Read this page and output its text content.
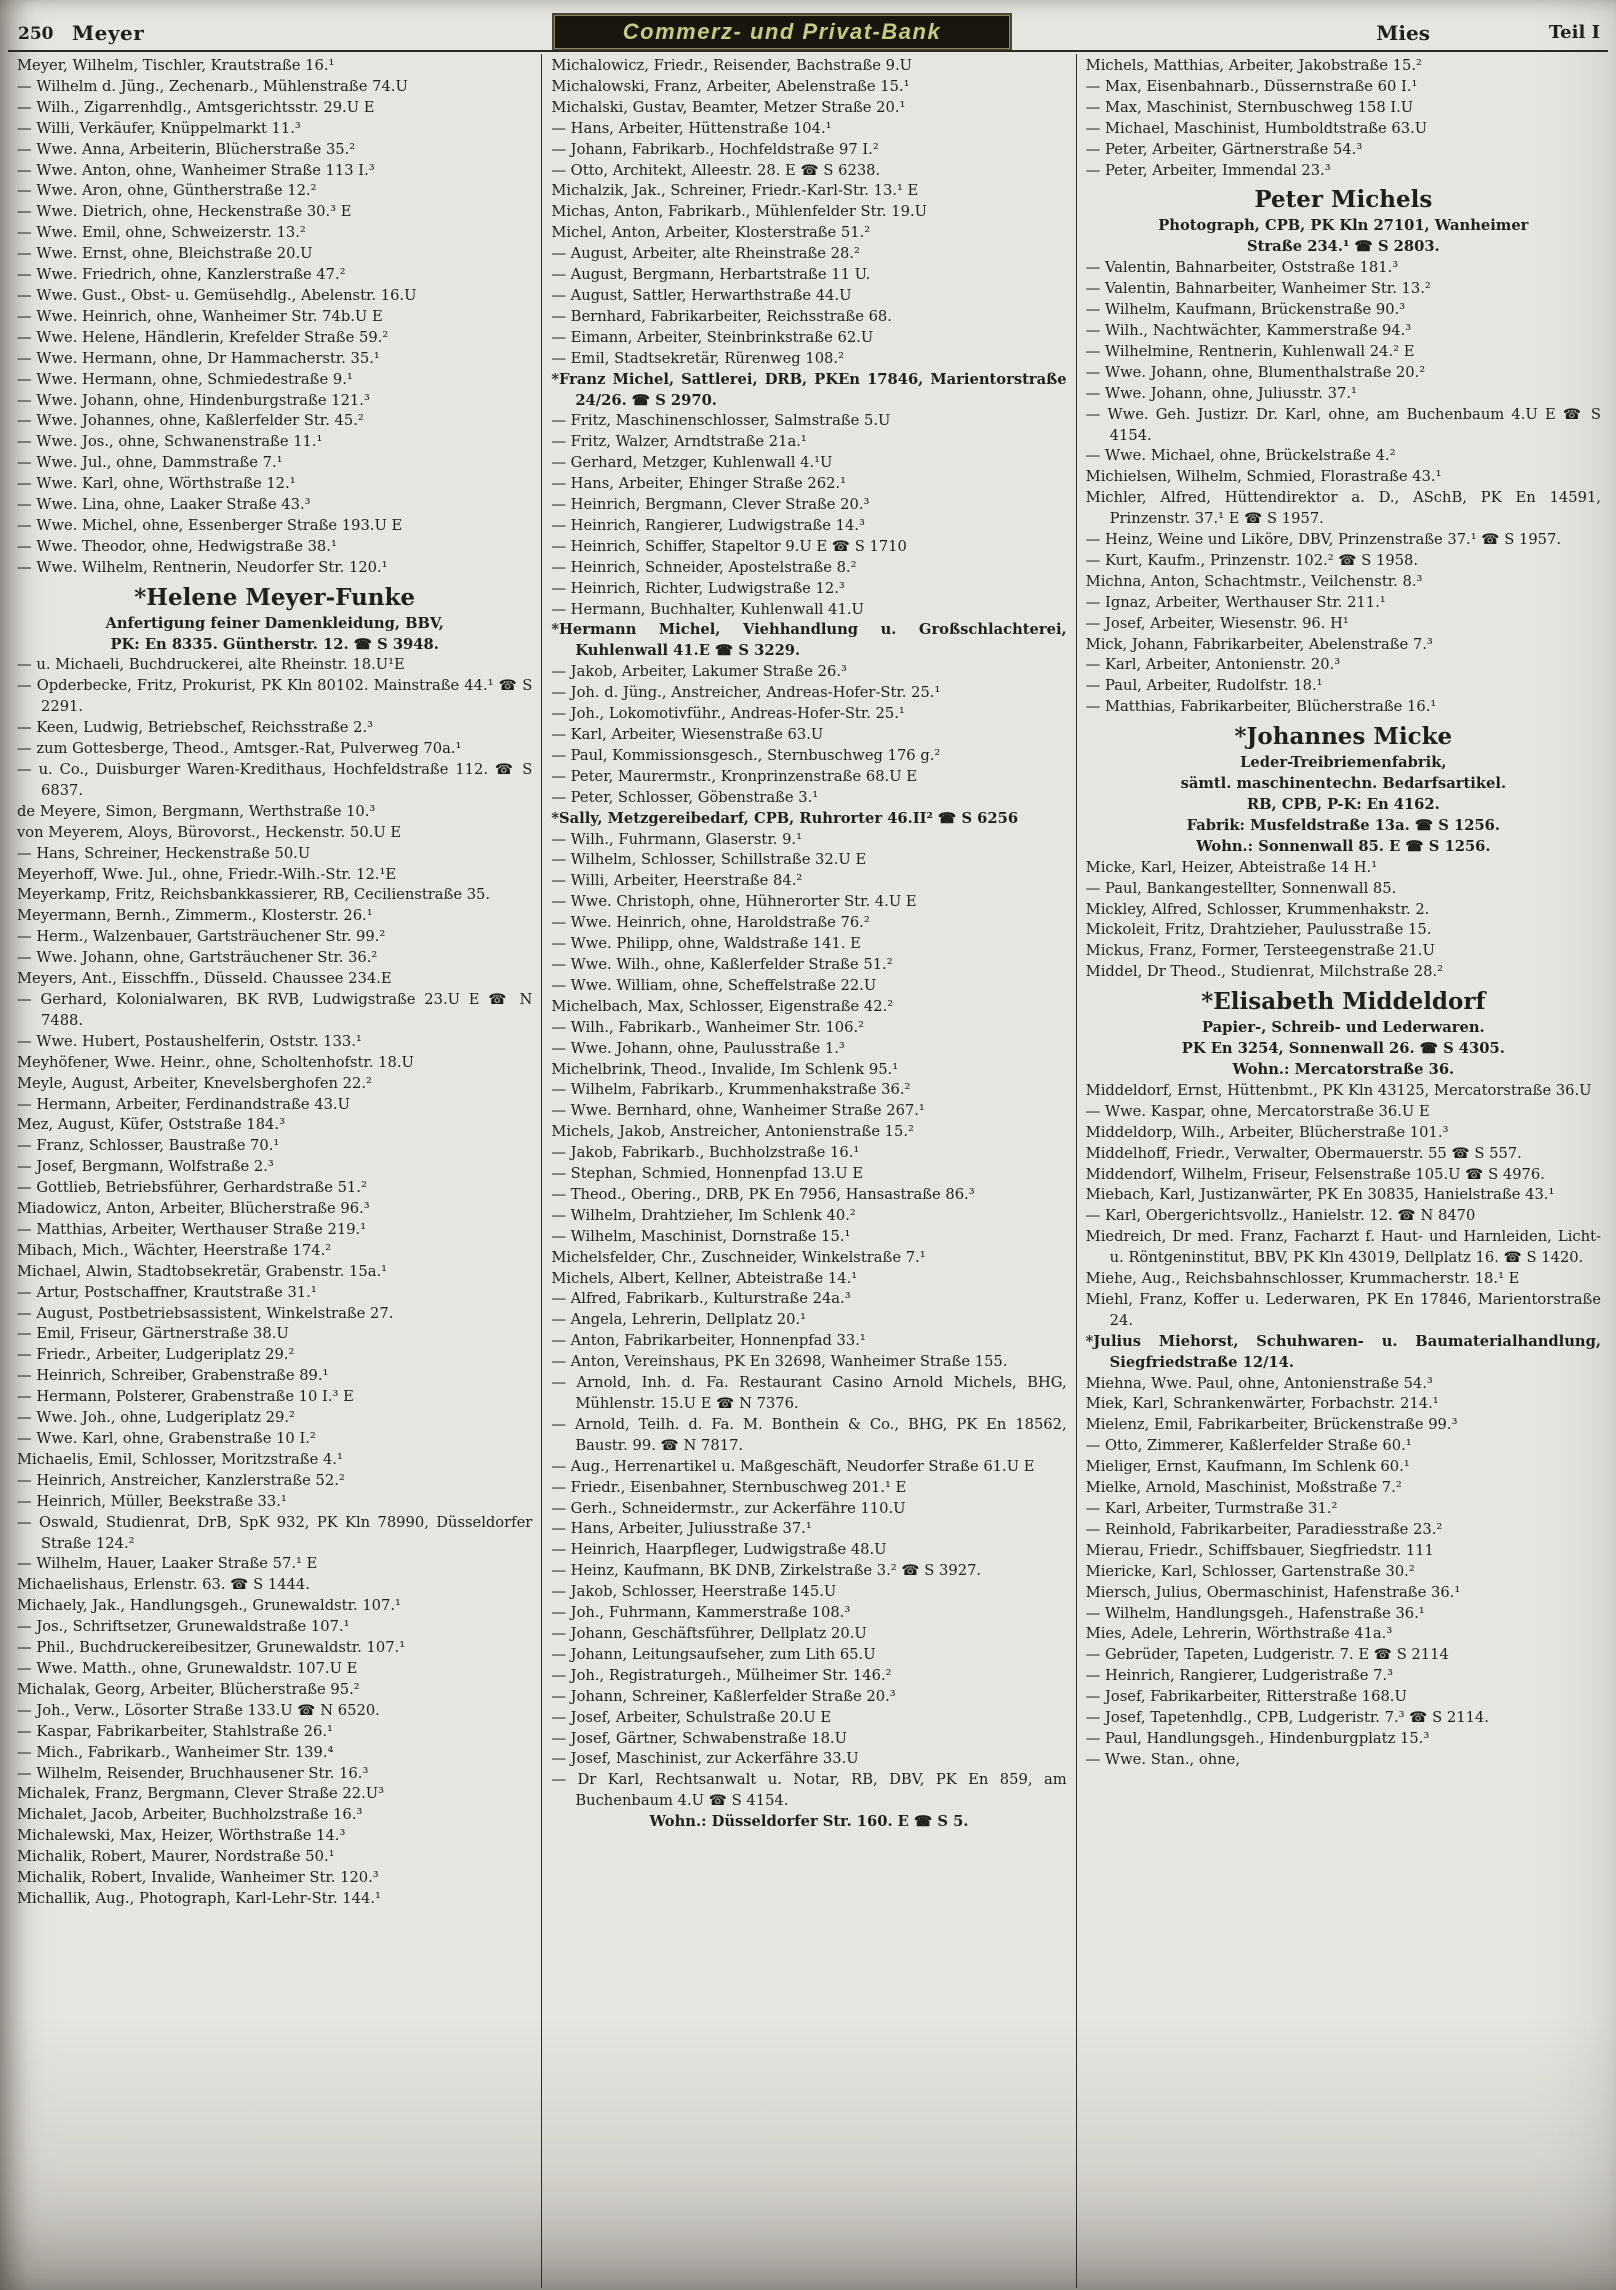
250 Meyer	Commerz- und Privat-Bank	Mies	Teil I

Meyer, Wilhelm, Tischler, Krautstraße 16.¹

— Wilhelm d. Jüng., Zechenarb., Mühlenstraße 74.U

— Wilh., Zigarrenhdlg., Amtsgerichtsstr. 29.U E

— Willi, Verkäufer, Knüppelmarkt 11.³

— Wwe. Anna, Arbeiterin, Blücherstraße 35.²

— Wwe. Anton, ohne, Wanheimer Straße 113 I.³

— Wwe. Aron, ohne, Güntherstraße 12.²

— Wwe. Dietrich, ohne, Heckenstraße 30.³ E

— Wwe. Emil, ohne, Schweizerstr. 13.²

— Wwe. Ernst, ohne, Bleichstraße 20.U

— Wwe. Friedrich, ohne, Kanzlerstraße 47.²

— Wwe. Gust., Obst- u. Gemüsehdlg., Abelenstr. 16.U

— Wwe. Heinrich, ohne, Wanheimer Str. 74b.U E

— Wwe. Helene, Händlerin, Krefelder Straße 59.²

— Wwe. Hermann, ohne, Dr Hammacherstr. 35.¹

— Wwe. Hermann, ohne, Schmiedestraße 9.¹

— Wwe. Johann, ohne, Hindenburgstraße 121.³

— Wwe. Johannes, ohne, Kaßlerfelder Str. 45.²

— Wwe. Jos., ohne, Schwanenstraße 11.¹

— Wwe. Jul., ohne, Dammstraße 7.¹

— Wwe. Karl, ohne, Wörthstraße 12.¹

— Wwe. Lina, ohne, Laaker Straße 43.³

— Wwe. Michel, ohne, Essenberger Straße 193.U E

— Wwe. Theodor, ohne, Hedwigstraße 38.¹

— Wwe. Wilhelm, Rentnerin, Neudorfer Str. 120.¹

*Helene Meyer-Funke

Anfertigung feiner Damenkleidung, BBV,

PK: En 8335. Güntherstr. 12. ☎ S 3948.

— u. Michaeli, Buchdruckerei, alte Rheinstr. 18.U¹E

— Opderbecke, Fritz, Prokurist, PK Kln 80102. Mainstraße 44.¹ ☎ S 2291.

— Keen, Ludwig, Betriebschef, Reichsstraße 2.³

— zum Gottesberge, Theod., Amtsger.-Rat, Pulverweg 70a.¹

— u. Co., Duisburger Waren-Kredithaus, Hochfeldstraße 112. ☎ S 6837.

de Meyere, Simon, Bergmann, Werthstraße 10.³

von Meyerem, Aloys, Bürovorst., Heckenstr. 50.U E

— Hans, Schreiner, Heckenstraße 50.U

Meyerhoff, Wwe. Jul., ohne, Friedr.-Wilh.-Str. 12.¹E

Meyerkamp, Fritz, Reichsbankkassierer, RB, Cecilienstraße 35.

Meyermann, Bernh., Zimmerm., Klosterstr. 26.¹

— Herm., Walzenbauer, Gartsträuchener Str. 99.²

— Wwe. Johann, ohne, Gartsträuchener Str. 36.²

Meyers, Ant., Eisschffn., Düsseld. Chaussee 234.E

— Gerhard, Kolonialwaren, BK RVB, Ludwigstraße 23.U E ☎ N 7488.

— Wwe. Hubert, Postaushelferin, Oststr. 133.¹

Meyhöfener, Wwe. Heinr., ohne, Scholtenhofstr. 18.U

Meyle, August, Arbeiter, Knevelsberghofen 22.²

— Hermann, Arbeiter, Ferdinandstraße 43.U

Mez, August, Küfer, Oststraße 184.³

— Franz, Schlosser, Baustraße 70.¹

— Josef, Bergmann, Wolfstraße 2.³

— Gottlieb, Betriebsführer, Gerhardstraße 51.²

Miadowicz, Anton, Arbeiter, Blücherstraße 96.³

— Matthias, Arbeiter, Werthauser Straße 219.¹

Mibach, Mich., Wächter, Heerstraße 174.²

Michael, Alwin, Stadtobsekretär, Grabenstr. 15a.¹

— Artur, Postschaffner, Krautstraße 31.¹

— August, Postbetriebsassistent, Winkelstraße 27.

— Emil, Friseur, Gärtnerstraße 38.U

— Friedr., Arbeiter, Ludgeriplatz 29.²

— Heinrich, Schreiber, Grabenstraße 89.¹

— Hermann, Polsterer, Grabenstraße 10 I.³ E

— Wwe. Joh., ohne, Ludgeriplatz 29.²

— Wwe. Karl, ohne, Grabenstraße 10 I.²

Michaelis, Emil, Schlosser, Moritzstraße 4.¹

— Heinrich, Anstreicher, Kanzlerstraße 52.²

— Heinrich, Müller, Beekstraße 33.¹

— Oswald, Studienrat, DrB, SpK 932, PK Kln 78990, Düsseldorfer Straße 124.²

— Wilhelm, Hauer, Laaker Straße 57.¹ E

Michaelishaus, Erlenstr. 63. ☎ S 1444.

Michaely, Jak., Handlungsgeh., Grunewaldstr. 107.¹

— Jos., Schriftsetzer, Grunewaldstraße 107.¹

— Phil., Buchdruckereibesitzer, Grunewaldstr. 107.¹

— Wwe. Matth., ohne, Grunewaldstr. 107.U E

Michalak, Georg, Arbeiter, Blücherstraße 95.²

— Joh., Verw., Lösorter Straße 133.U ☎ N 6520.

— Kaspar, Fabrikarbeiter, Stahlstraße 26.¹

— Mich., Fabrikarb., Wanheimer Str. 139.⁴

— Wilhelm, Reisender, Bruchhausener Str. 16.³

Michalek, Franz, Bergmann, Clever Straße 22.U³

Michalet, Jacob, Arbeiter, Buchholzstraße 16.³

Michalewski, Max, Heizer, Wörthstraße 14.³

Michalik, Robert, Maurer, Nordstraße 50.¹

Michalik, Robert, Invalide, Wanheimer Str. 120.³

Michallik, Aug., Photograph, Karl-Lehr-Str. 144.¹

Michalowicz, Friedr., Reisender, Bachstraße 9.U

Michalowski, Franz, Arbeiter, Abelenstraße 15.¹

Michalski, Gustav, Beamter, Metzer Straße 20.¹

— Hans, Arbeiter, Hüttenstraße 104.¹

— Johann, Fabrikarb., Hochfeldstraße 97 I.²

— Otto, Architekt, Alleestr. 28. E ☎ S 6238.

Michalzik, Jak., Schreiner, Friedr.-Karl-Str. 13.¹ E

Michas, Anton, Fabrikarb., Mühlenfelder Str. 19.U

Michel, Anton, Arbeiter, Klosterstraße 51.²

— August, Arbeiter, alte Rheinstraße 28.²

— August, Bergmann, Herbartstraße 11 U.

— August, Sattler, Herwarthstraße 44.U

— Bernhard, Fabrikarbeiter, Reichsstraße 68.

— Eimann, Arbeiter, Steinbrinkstraße 62.U

— Emil, Stadtsekretär, Rürenweg 108.²

*Franz Michel, Sattlerei, DRB, PKEn 17846, Marientorstraße 24/26. ☎ S 2970.

— Fritz, Maschinenschlosser, Salmstraße 5.U

— Fritz, Walzer, Arndtstraße 21a.¹

— Gerhard, Metzger, Kuhlenwall 4.¹U

— Hans, Arbeiter, Ehinger Straße 262.¹

— Heinrich, Bergmann, Clever Straße 20.³

— Heinrich, Rangierer, Ludwigstraße 14.³

— Heinrich, Schiffer, Stapeltor 9.U E ☎ S 1710

— Heinrich, Schneider, Apostelstraße 8.²

— Heinrich, Richter, Ludwigstraße 12.³

— Hermann, Buchhalter, Kuhlenwall 41.U

*Hermann Michel, Viehhandlung u. Großschlachterei, Kuhlenwall 41.E ☎ S 3229.

— Jakob, Arbeiter, Lakumer Straße 26.³

— Joh. d. Jüng., Anstreicher, Andreas-Hofer-Str. 25.¹

— Joh., Lokomotivführ., Andreas-Hofer-Str. 25.¹

— Karl, Arbeiter, Wiesenstraße 63.U

— Paul, Kommissionsgesch., Sternbuschweg 176 g.²

— Peter, Maurermstr., Kronprinzenstraße 68.U E

— Peter, Schlosser, Göbenstraße 3.¹

*Sally, Metzgereibedarf, CPB, Ruhrorter 46.II² ☎ S 6256

— Wilh., Fuhrmann, Glaserstr. 9.¹

— Wilhelm, Schlosser, Schillstraße 32.U E

— Willi, Arbeiter, Heerstraße 84.²

— Wwe. Christoph, ohne, Hühnerorter Str. 4.U E

— Wwe. Heinrich, ohne, Haroldstraße 76.²

— Wwe. Philipp, ohne, Waldstraße 141. E

— Wwe. Wilh., ohne, Kaßlerfelder Straße 51.²

— Wwe. William, ohne, Scheffelstraße 22.U

Michelbach, Max, Schlosser, Eigenstraße 42.²

— Wilh., Fabrikarb., Wanheimer Str. 106.²

— Wwe. Johann, ohne, Paulusstraße 1.³

Michelbrink, Theod., Invalide, Im Schlenk 95.¹

— Wilhelm, Fabrikarb., Krummenhakstraße 36.²

— Wwe. Bernhard, ohne, Wanheimer Straße 267.¹

Michels, Jakob, Anstreicher, Antonienstraße 15.²

— Jakob, Fabrikarb., Buchholzstraße 16.¹

— Stephan, Schmied, Honnenpfad 13.U E

— Theod., Obering., DRB, PK En 7956, Hansastraße 86.³

— Wilhelm, Drahtzieher, Im Schlenk 40.²

— Wilhelm, Maschinist, Dornstraße 15.¹

Michelsfelder, Chr., Zuschneider, Winkelstraße 7.¹

Michels, Albert, Kellner, Abteistraße 14.¹

— Alfred, Fabrikarb., Kulturstraße 24a.³

— Angela, Lehrerin, Dellplatz 20.¹

— Anton, Fabrikarbeiter, Honnenpfad 33.¹

— Anton, Vereinshaus, PK En 32698, Wanheimer Straße 155.

— Arnold, Inh. d. Fa. Restaurant Casino Arnold Michels, BHG, Mühlenstr. 15.U E ☎ N 7376.

— Arnold, Teilh. d. Fa. M. Bonthein & Co., BHG, PK En 18562, Baustr. 99. ☎ N 7817.

— Aug., Herrenartikel u. Maßgeschäft, Neudorfer Straße 61.U E

— Friedr., Eisenbahner, Sternbuschweg 201.¹ E

— Gerh., Schneidermstr., zur Ackerfähre 110.U

— Hans, Arbeiter, Juliusstraße 37.¹

— Heinrich, Haarpfleger, Ludwigstraße 48.U

— Heinz, Kaufmann, BK DNB, Zirkelstraße 3.² ☎ S 3927.

— Jakob, Schlosser, Heerstraße 145.U

— Joh., Fuhrmann, Kammerstraße 108.³

— Johann, Geschäftsführer, Dellplatz 20.U

— Johann, Leitungsaufseher, zum Lith 65.U

— Joh., Registraturgeh., Mülheimer Str. 146.²

— Johann, Schreiner, Kaßlerfelder Straße 20.³

— Josef, Arbeiter, Schulstraße 20.U E

— Josef, Gärtner, Schwabenstraße 18.U

— Josef, Maschinist, zur Ackerfähre 33.U

— Dr Karl, Rechtsanwalt u. Notar, RB, DBV, PK En 859, am Buchenbaum 4.U ☎ S 4154.

Wohn.: Düsseldorfer Str. 160. E ☎ S 5.

Michels, Matthias, Arbeiter, Jakobstraße 15.²

— Max, Eisenbahnarb., Düssernstraße 60 I.¹

— Max, Maschinist, Sternbuschweg 158 I.U

— Michael, Maschinist, Humboldtstraße 63.U

— Peter, Arbeiter, Gärtnerstraße 54.³

— Peter, Arbeiter, Immendal 23.³

Peter Michels

Photograph, CPB, PK Kln 27101, Wanheimer

Straße 234.¹ ☎ S 2803.

— Valentin, Bahnarbeiter, Oststraße 181.³

— Valentin, Bahnarbeiter, Wanheimer Str. 13.²

— Wilhelm, Kaufmann, Brückenstraße 90.³

— Wilh., Nachtwächter, Kammerstraße 94.³

— Wilhelmine, Rentnerin, Kuhlenwall 24.² E

— Wwe. Johann, ohne, Blumenthalstraße 20.²

— Wwe. Johann, ohne, Juliusstr. 37.¹

— Wwe. Geh. Justizr. Dr. Karl, ohne, am Buchenbaum 4.U E ☎ S 4154.

— Wwe. Michael, ohne, Brückelstraße 4.²

Michielsen, Wilhelm, Schmied, Florastraße 43.¹

Michler, Alfred, Hüttendirektor a. D., ASchB, PK En 14591, Prinzenstr. 37.¹ E ☎ S 1957.

— Heinz, Weine und Liköre, DBV, Prinzenstraße 37.¹ ☎ S 1957.

— Kurt, Kaufm., Prinzenstr. 102.² ☎ S 1958.

Michna, Anton, Schachtmstr., Veilchenstr. 8.³

— Ignaz, Arbeiter, Werthauser Str. 211.¹

— Josef, Arbeiter, Wiesenstr. 96. H¹

Mick, Johann, Fabrikarbeiter, Abelenstraße 7.³

— Karl, Arbeiter, Antonienstr. 20.³

— Paul, Arbeiter, Rudolfstr. 18.¹

— Matthias, Fabrikarbeiter, Blücherstraße 16.¹

*Johannes Micke

Leder-Treibriemenfabrik,

sämtl. maschinentechn. Bedarfsartikel.

RB, CPB, P-K: En 4162.

Fabrik: Musfeldstraße 13a. ☎ S 1256.

Wohn.: Sonnenwall 85. E ☎ S 1256.

Micke, Karl, Heizer, Abteistraße 14 H.¹

— Paul, Bankangestellter, Sonnenwall 85.

Mickley, Alfred, Schlosser, Krummenhakstr. 2.

Mickoleit, Fritz, Drahtzieher, Paulusstraße 15.

Mickus, Franz, Former, Tersteegenstraße 21.U

Middel, Dr Theod., Studienrat, Milchstraße 28.²

*Elisabeth Middeldorf

Papier-, Schreib- und Lederwaren.

PK En 3254, Sonnenwall 26. ☎ S 4305.

Wohn.: Mercatorstraße 36.

Middeldorf, Ernst, Hüttenbmt., PK Kln 43125, Mercatorstraße 36.U

— Wwe. Kaspar, ohne, Mercatorstraße 36.U E

Middeldorp, Wilh., Arbeiter, Blücherstraße 101.³

Middelhoff, Friedr., Verwalter, Obermauerstr. 55 ☎ S 557.

Middendorf, Wilhelm, Friseur, Felsenstraße 105.U ☎ S 4976.

Miebach, Karl, Justizanwärter, PK En 30835, Hanielstraße 43.¹

— Karl, Obergerichtsvollz., Hanielstr. 12. ☎ N 8470

Miedreich, Dr med. Franz, Facharzt f. Haut- und Harnleiden, Licht- u. Röntgeninstitut, BBV, PK Kln 43019, Dellplatz 16. ☎ S 1420.

Miehe, Aug., Reichsbahnschlosser, Krummacherstr. 18.¹ E

Miehl, Franz, Koffer u. Lederwaren, PK En 17846, Marientorstraße 24.

*Julius Miehorst, Schuhwaren- u. Baumaterialhandlung, Siegfriedstraße 12/14.

Miehna, Wwe. Paul, ohne, Antonienstraße 54.³

Miek, Karl, Schrankenwärter, Forbachstr. 214.¹

Mielenz, Emil, Fabrikarbeiter, Brückenstraße 99.³

— Otto, Zimmerer, Kaßlerfelder Straße 60.¹

Mieliger, Ernst, Kaufmann, Im Schlenk 60.¹

Mielke, Arnold, Maschinist, Moßstraße 7.²

— Karl, Arbeiter, Turmstraße 31.²

— Reinhold, Fabrikarbeiter, Paradiesstraße 23.²

Mierau, Friedr., Schiffsbauer, Siegfriedstr. 111

Miericke, Karl, Schlosser, Gartenstraße 30.²

Miersch, Julius, Obermaschinist, Hafenstraße 36.¹

— Wilhelm, Handlungsgeh., Hafenstraße 36.¹

Mies, Adele, Lehrerin, Wörthstraße 41a.³

— Gebrüder, Tapeten, Ludgeristr. 7. E ☎ S 2114

— Heinrich, Rangierer, Ludgeristraße 7.³

— Josef, Fabrikarbeiter, Ritterstraße 168.U

— Josef, Tapetenhdlg., CPB, Ludgeristr. 7.³ ☎ S 2114.

— Paul, Handlungsgeh., Hindenburgplatz 15.³

— Wwe. Stan., ohne,
